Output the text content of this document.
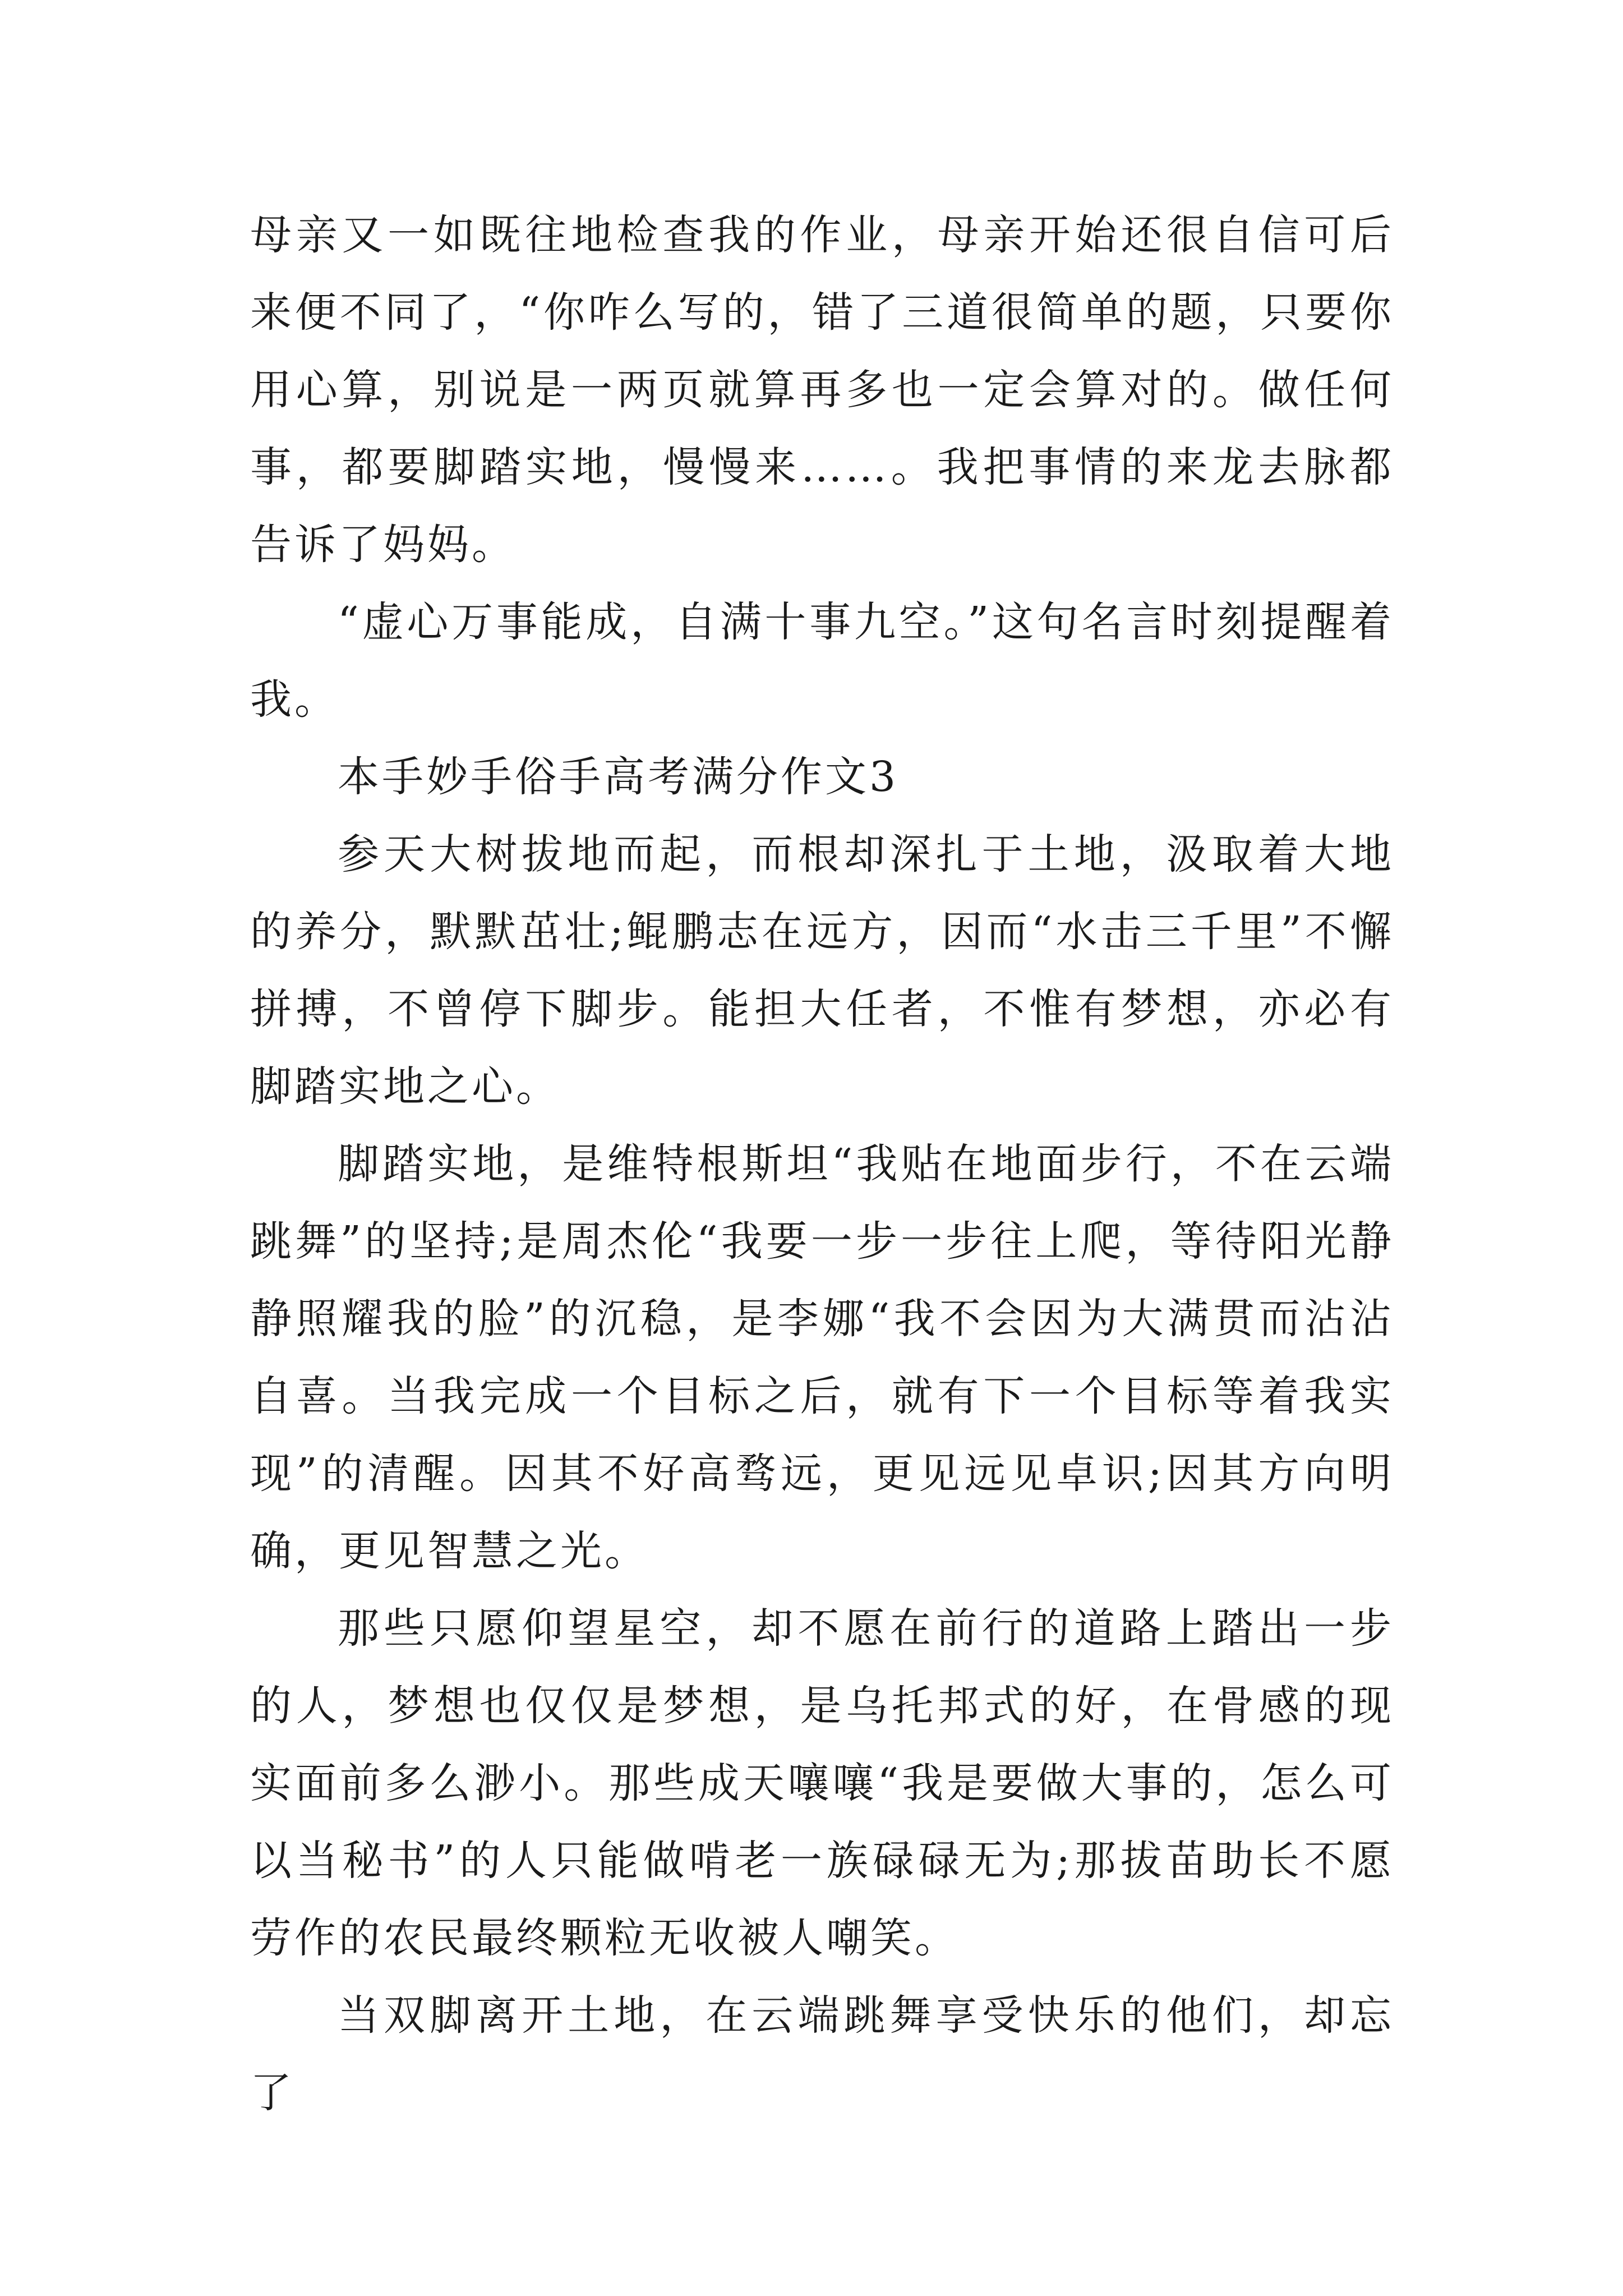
母亲又一如既往地检查我的作业，母亲开始还很自信可后来便不同了，“你咋么写的，错了三道很简单的题，只要你用心算，别说是一两页就算再多也一定会算对的。做任何事，都要脚踏实地，慢慢来……。我把事情的来龙去脉都告诉了妈妈。

“虚心万事能成，自满十事九空。”这句名言时刻提醒着我。

本手妙手俗手高考满分作文3

参天大树拔地而起，而根却深扎于土地，汲取着大地的养分，默默茁壮;鲲鹏志在远方，因而“水击三千里”不懈拼搏，不曾停下脚步。能担大任者，不惟有梦想，亦必有脚踏实地之心。

脚踏实地，是维特根斯坦“我贴在地面步行，不在云端跳舞”的坚持;是周杰伦“我要一步一步往上爬，等待阳光静静照耀我的脸”的沉稳，是李娜“我不会因为大满贯而沾沾自喜。当我完成一个目标之后，就有下一个目标等着我实现”的清醒。因其不好高骛远，更见远见卓识;因其方向明确，更见智慧之光。

那些只愿仰望星空，却不愿在前行的道路上踏出一步的人，梦想也仅仅是梦想，是乌托邦式的好，在骨感的现实面前多么渺小。那些成天嚷嚷“我是要做大事的，怎么可以当秘书”的人只能做啃老一族碌碌无为;那拔苗助长不愿劳作的农民最终颗粒无收被人嘲笑。

当双脚离开土地，在云端跳舞享受快乐的他们，却忘了
